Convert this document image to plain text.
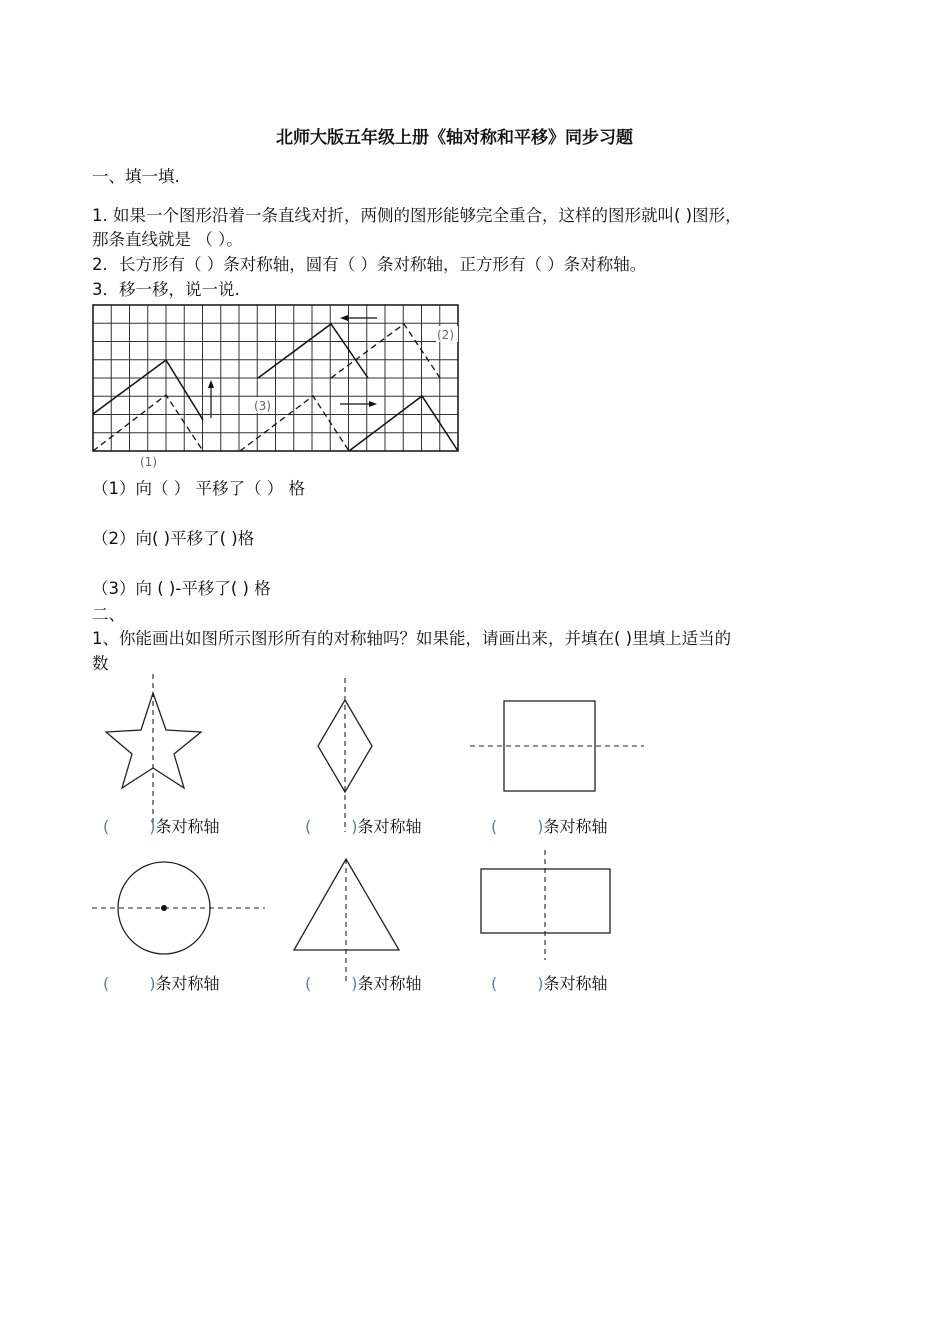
北师大版五年级上册《轴对称和平移》同步习题
一、填一填.
1. 如果一个图形沿着一条直线对折，两侧的图形能够完全重合，这样的图形就叫( )图形，
那条直线就是 （ ）。
2．长方形有（ ）条对称轴，圆有（ ）条对称轴，正方形有（ ）条对称轴。
3．移一移，说一说.
(2)
(3)
(1)
（1）向（ ） 平移了（ ） 格
（2）向( )平移了( )格
（3）向 ( )-平移了( ) 格
二、
1、你能画出如图所示图形所有的对称轴吗？如果能，请画出来，并填在( )里填上适当的
数
(	)条对称轴	(	)条对称轴	(	)条对称轴
(	)条对称轴	(	)条对称轴	(	)条对称轴
